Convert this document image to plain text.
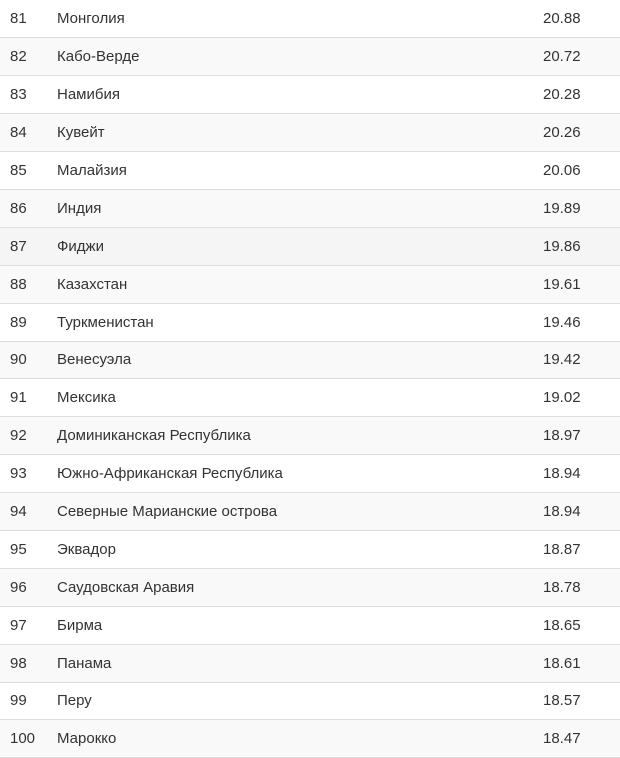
81	Монголия	20.88
82	Кабо-Верде	20.72
83	Намибия	20.28
84	Кувейт	20.26
85	Малайзия	20.06
86	Индия	19.89
87	Фиджи	19.86
88	Казахстан	19.61
89	Туркменистан	19.46
90	Венесуэла	19.42
91	Мексика	19.02
92	Доминиканская Республика	18.97
93	Южно-Африканская Республика	18.94
94	Северные Марианские острова	18.94
95	Эквадор	18.87
96	Саудовская Аравия	18.78
97	Бирма	18.65
98	Панама	18.61
99	Перу	18.57
100	Марокко	18.47
